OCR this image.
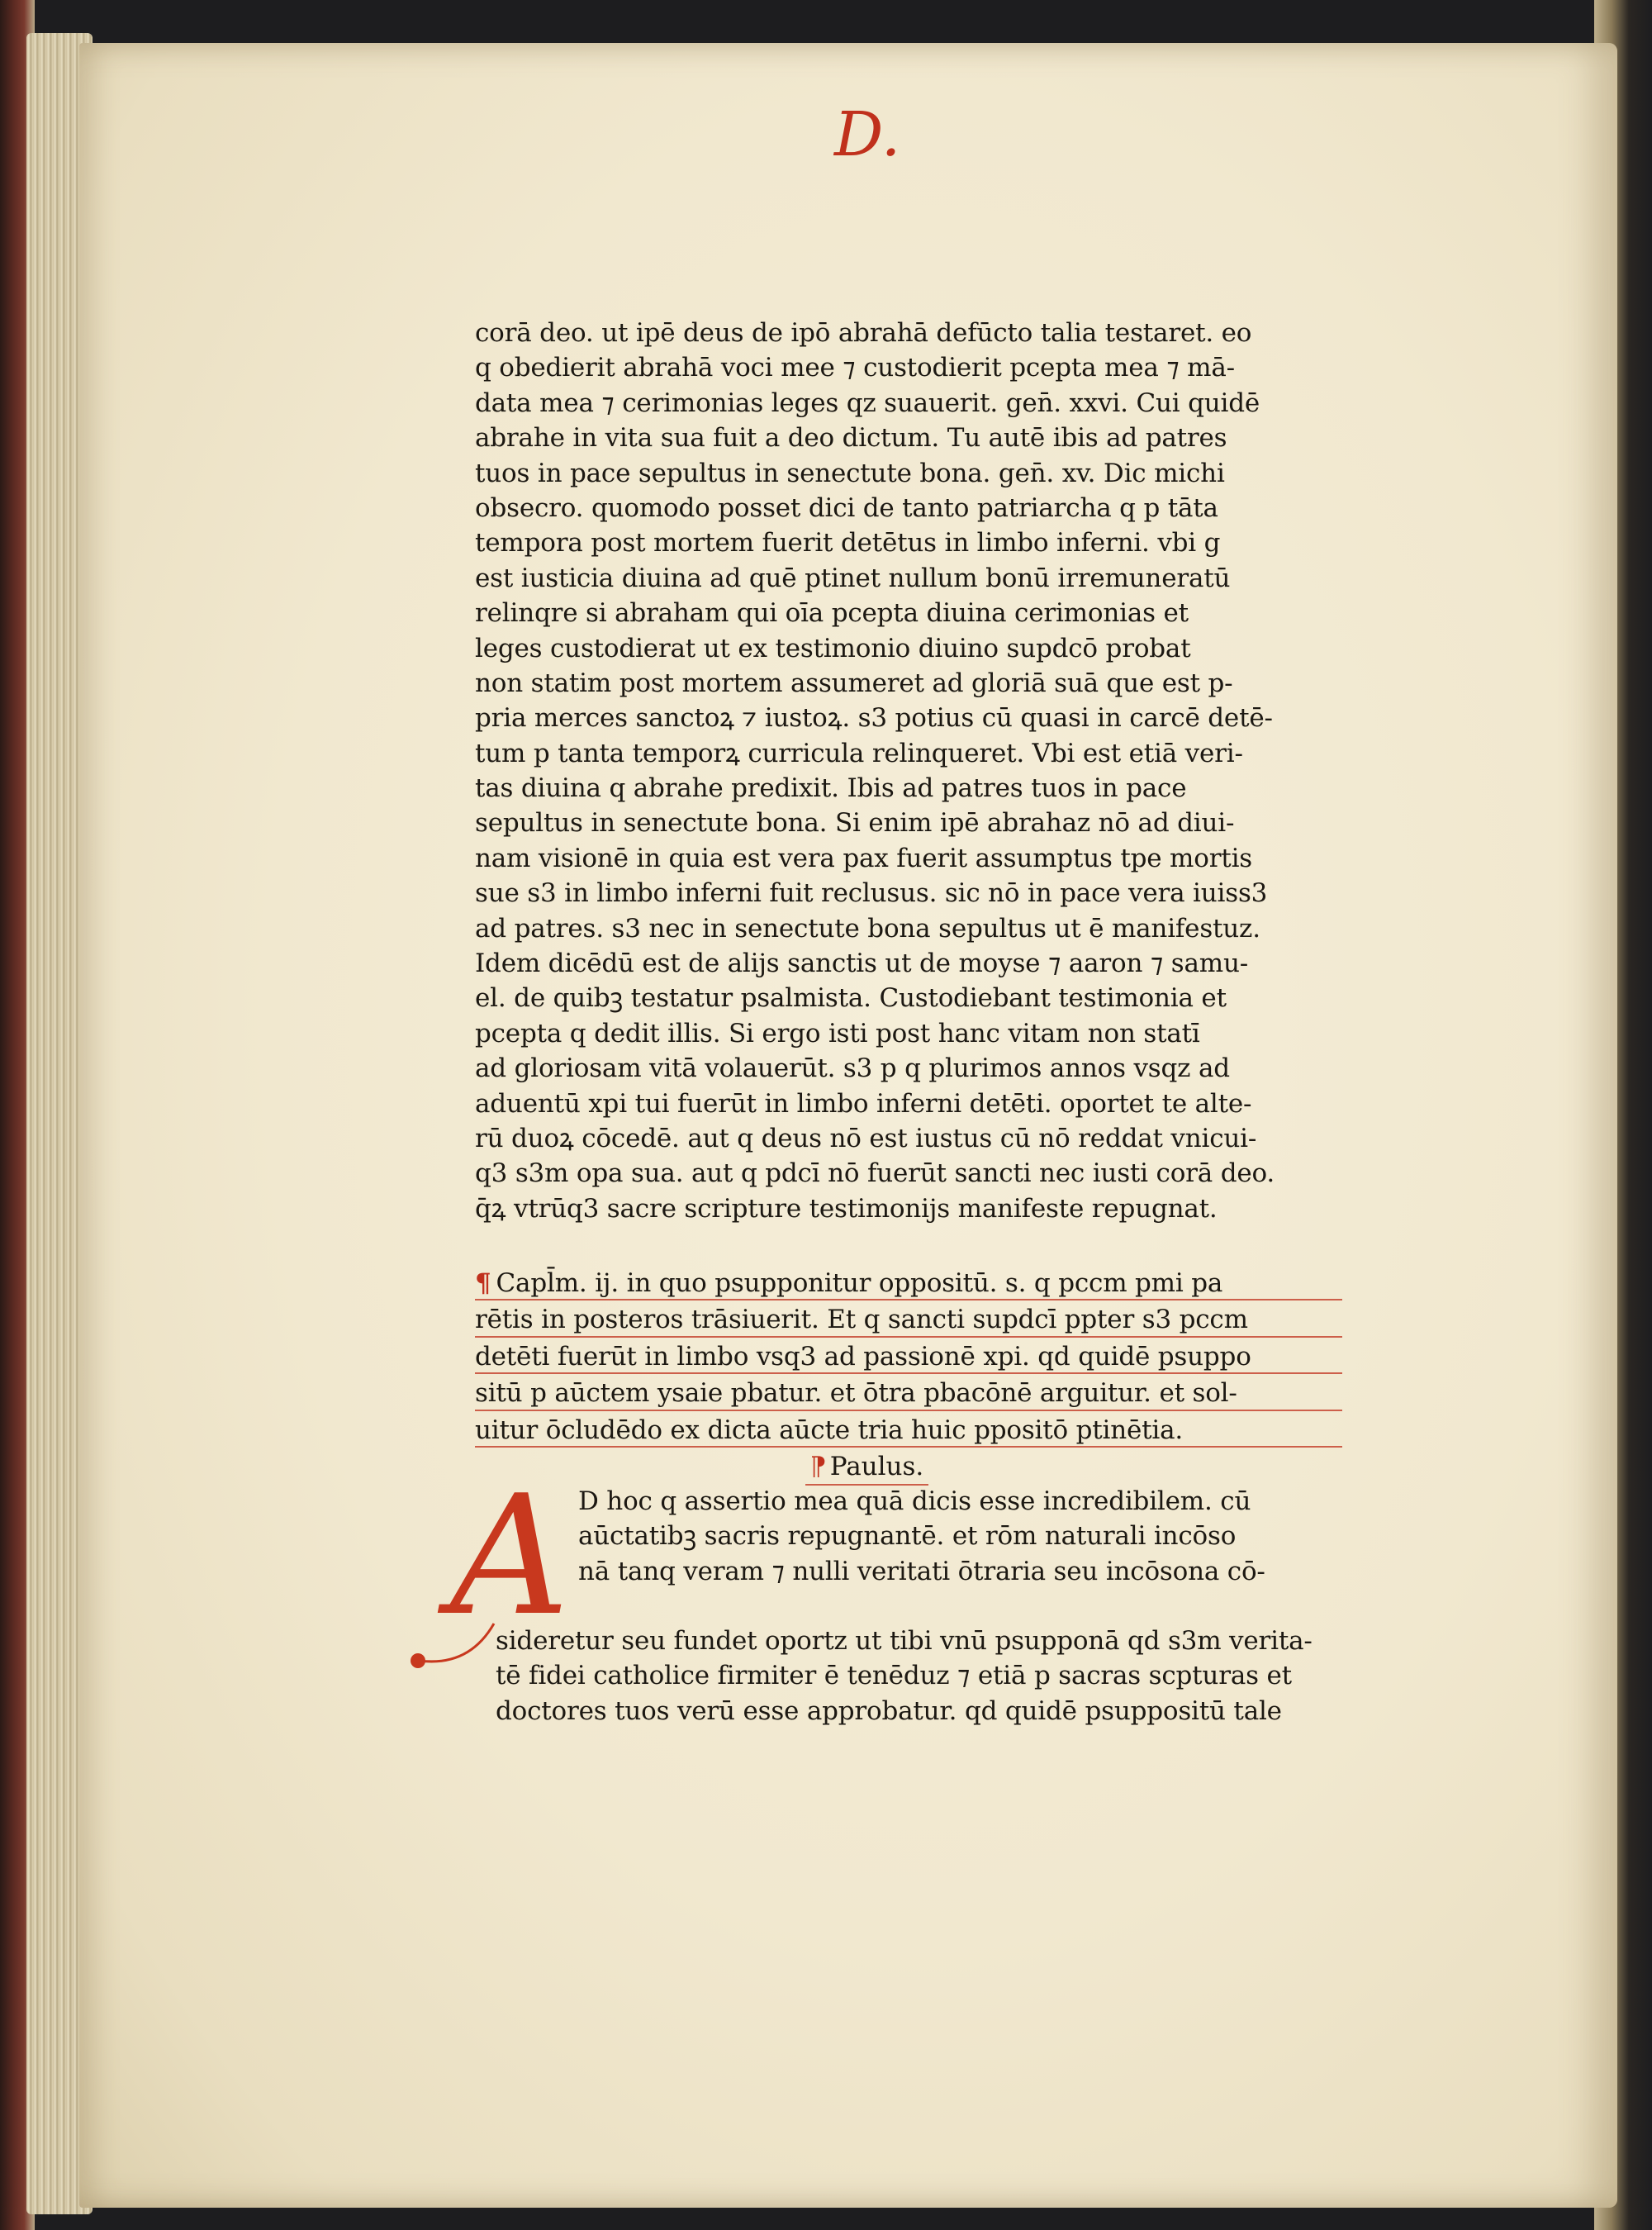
D.
corā deo. ut ipē deus de ipō abrahā defūcto talia testaret. eo
q obedierit abrahā voci mee ⁊ custodierit pcepta mea ⁊ mā-
data mea ⁊ cerimonias leges qz suauerit. gen̄. xxvi. Cui quidē
abrahe in vita sua fuit a deo dictum. Tu autē ibis ad patres
tuos in pace sepultus in senectute bona. gen̄. xv. Dic michi
obsecro. quomodo posset dici de tanto patriarcha q p tāta
tempora post mortem fuerit detētus in limbo inferni. vbi g
est iusticia diuina ad quē ptinet nullum bonū irremuneratū
relinqre si abraham qui oīa pcepta diuina cerimonias et
leges custodierat ut ex testimonio diuino supdcō probat
non statim post mortem assumeret ad gloriā suā que est p-
pria merces sanctoꝝ ⁊ iustoꝝ. s3 potius cū quasi in carcē detē-
tum p tanta temporꝝ curricula relinqueret. Vbi est etiā veri-
tas diuina q abrahe predixit. Ibis ad patres tuos in pace
sepultus in senectute bona. Si enim ipē abrahaz nō ad diui-
nam visionē in quia est vera pax fuerit assumptus tpe mortis
sue s3 in limbo inferni fuit reclusus. sic nō in pace vera iuiss3
ad patres. s3 nec in senectute bona sepultus ut ē manifestuz.
Idem dicēdū est de alijs sanctis ut de moyse ⁊ aaron ⁊ samu-
el. de quibꝫ testatur psalmista. Custodiebant testimonia et
pcepta q dedit illis. Si ergo isti post hanc vitam non statī
ad gloriosam vitā volauerūt. s3 p q plurimos annos vsqz ad
aduentū xpi tui fuerūt in limbo inferni detēti. oportet te alte-
rū duoꝝ cōcedē. aut q deus nō est iustus cū nō reddat vnicui-
q3 s3m opa sua. aut q pdcī nō fuerūt sancti nec iusti corā deo.
q̄ꝝ vtrūq3 sacre scripture testimonijs manifeste repugnat.
¶ Capl̄m. ij. in quo psupponitur oppositū. s. q pccm pmi pa
rētis in posteros trāsiuerit. Et q sancti supdcī ppter s3 pccm
detēti fuerūt in limbo vsq3 ad passionē xpi. qd quidē psuppo
sitū p aūctem ysaie pbatur. et ōtra pbacōnē arguitur. et sol-
uitur ōcludēdo ex dicta aūcte tria huic ppositō ptinētia.
⁋ Paulus.
A D hoc q assertio mea quā dicis esse incredibilem. cū
aūctatibꝫ sacris repugnantē. et rōm naturali incōso
nā tanq veram ⁊ nulli veritati ōtraria seu incōsona cō-
sideretur seu fundet oportz ut tibi vnū psupponā qd s3m verita-
tē fidei catholice firmiter ē tenēduz ⁊ etiā p sacras scpturas et
doctores tuos verū esse approbatur. qd quidē psuppositū tale
